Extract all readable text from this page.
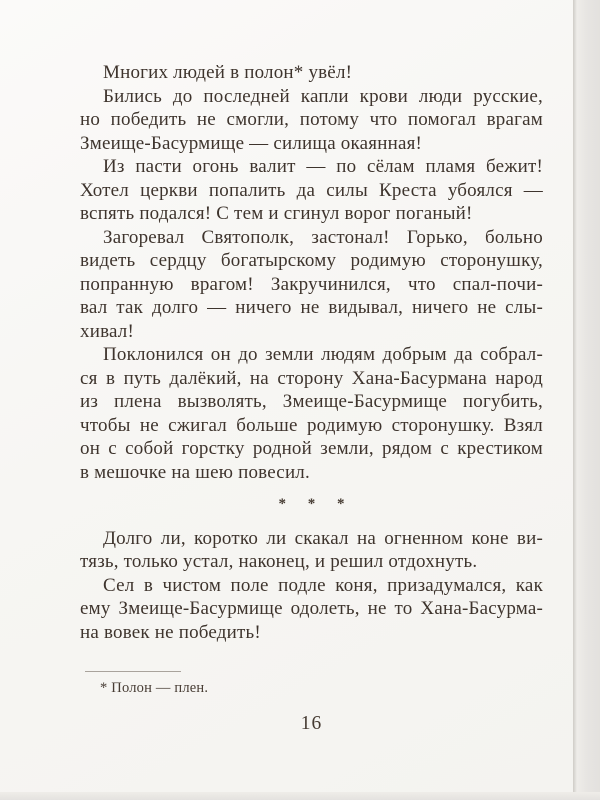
Многих людей в полон* увёл!
Бились до последней капли крови люди русские,
но победить не смогли, потому что помогал врагам
Змеище-Басурмище — силища окаянная!
Из пасти огонь валит — по сёлам пламя бежит!
Хотел церкви попалить да силы Креста убоялся —
вспять подался! С тем и сгинул ворог поганый!
Загоревал Святополк, застонал! Горько, больно
видеть сердцу богатырскому родимую сторонушку,
попранную врагом! Закручинился, что спал-почи-
вал так долго — ничего не видывал, ничего не слы-
хивал!
Поклонился он до земли людям добрым да собрал-
ся в путь далёкий, на сторону Хана-Басурмана народ
из плена вызволять, Змеище-Басурмище погубить,
чтобы не сжигал больше родимую сторонушку. Взял
он с собой горстку родной земли, рядом с крестиком
в мешочке на шею повесил.
* * *
Долго ли, коротко ли скакал на огненном коне ви-
тязь, только устал, наконец, и решил отдохнуть.
Сел в чистом поле подле коня, призадумался, как
ему Змеище-Басурмище одолеть, не то Хана-Басурма-
на вовек не победить!
* Полон — плен.
16
